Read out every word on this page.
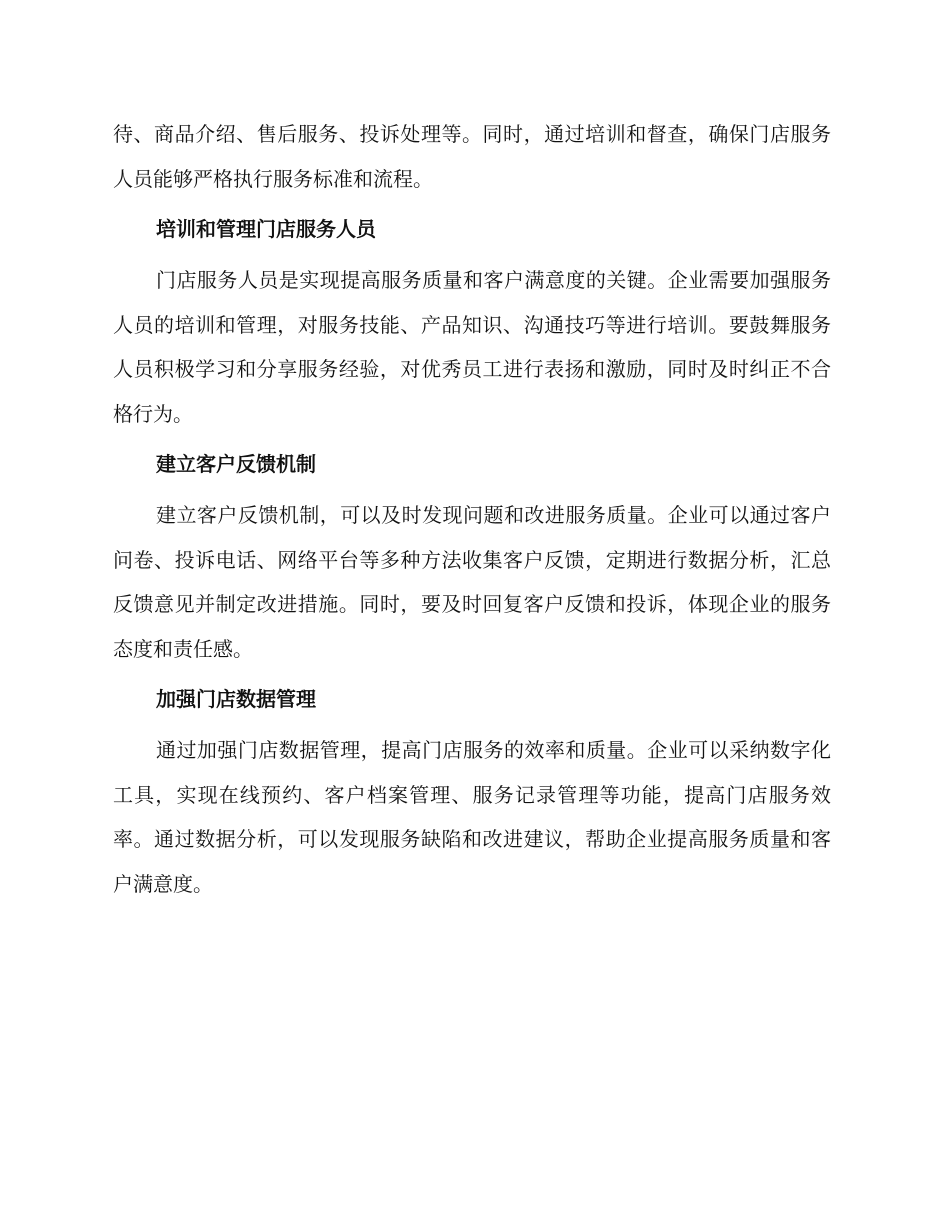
待、商品介绍、售后服务、投诉处理等。同时，通过培训和督查，确保门店服务人员能够严格执行服务标准和流程。

培训和管理门店服务人员

门店服务人员是实现提高服务质量和客户满意度的关键。企业需要加强服务人员的培训和管理，对服务技能、产品知识、沟通技巧等进行培训。要鼓舞服务人员积极学习和分享服务经验，对优秀员工进行表扬和激励，同时及时纠正不合格行为。

建立客户反馈机制

建立客户反馈机制，可以及时发现问题和改进服务质量。企业可以通过客户问卷、投诉电话、网络平台等多种方法收集客户反馈，定期进行数据分析，汇总反馈意见并制定改进措施。同时，要及时回复客户反馈和投诉，体现企业的服务态度和责任感。

加强门店数据管理

通过加强门店数据管理，提高门店服务的效率和质量。企业可以采纳数字化工具，实现在线预约、客户档案管理、服务记录管理等功能，提高门店服务效率。通过数据分析，可以发现服务缺陷和改进建议，帮助企业提高服务质量和客户满意度。
